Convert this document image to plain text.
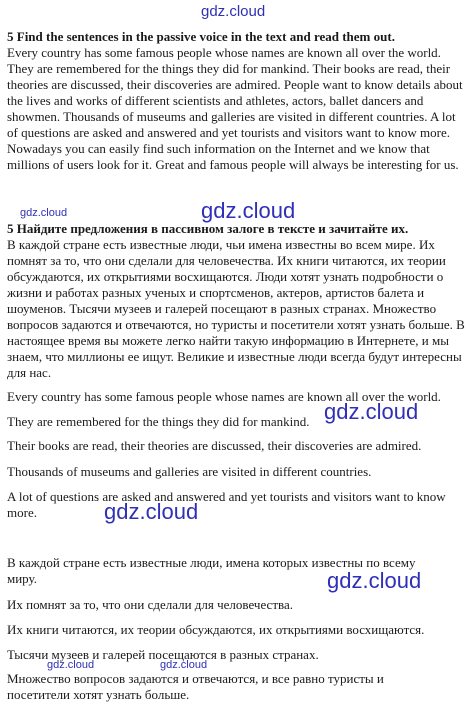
5 Find the sentences in the passive voice in the text and read them out.
Every country has some famous people whose names are known all over the world. They are remembered for the things they did for mankind. Their books are read, their theories are discussed, their discoveries are admired. People want to know details about the lives and works of different scientists and athletes, actors, ballet dancers and showmen. Thousands of museums and galleries are visited in different countries. A lot of questions are asked and answered and yet tourists and visitors want to know more. Nowadays you can easily find such information on the Internet and we know that millions of users look for it. Great and famous people will always be interesting for us.
5 Найдите предложения в пассивном залоге в тексте и зачитайте их.
В каждой стране есть известные люди, чьи имена известны во всем мире. Их помнят за то, что они сделали для человечества. Их книги читаются, их теории обсуждаются, их открытиями восхищаются. Люди хотят узнать подробности о жизни и работах разных ученых и спортсменов, актеров, артистов балета и шоуменов. Тысячи музеев и галерей посещают в разных странах. Множество вопросов задаются и отвечаются, но туристы и посетители хотят узнать больше. В настоящее время вы можете легко найти такую информацию в Интернете, и мы знаем, что миллионы ее ищут. Великие и известные люди всегда будут интересны для нас.

Every country has some famous people whose names are known all over the world.

They are remembered for the things they did for mankind.

Their books are read, their theories are discussed, their discoveries are admired.

Thousands of museums and galleries are visited in different countries.

A lot of questions are asked and answered and yet tourists and visitors want to know more.

В каждой стране есть известные люди, имена которых известны по всему миру.

Их помнят за то, что они сделали для человечества.

Их книги читаются, их теории обсуждаются, их открытиями восхищаются.

Тысячи музеев и галерей посещаются в разных странах.

Множество вопросов задаются и отвечаются, и все равно туристы и посетители хотят узнать больше.

gdz.cloud
gdz.cloud	gdz.cloud
gdz.cloud
gdz.cloud
gdz.cloud
gdz.cloud	gdz.cloud
